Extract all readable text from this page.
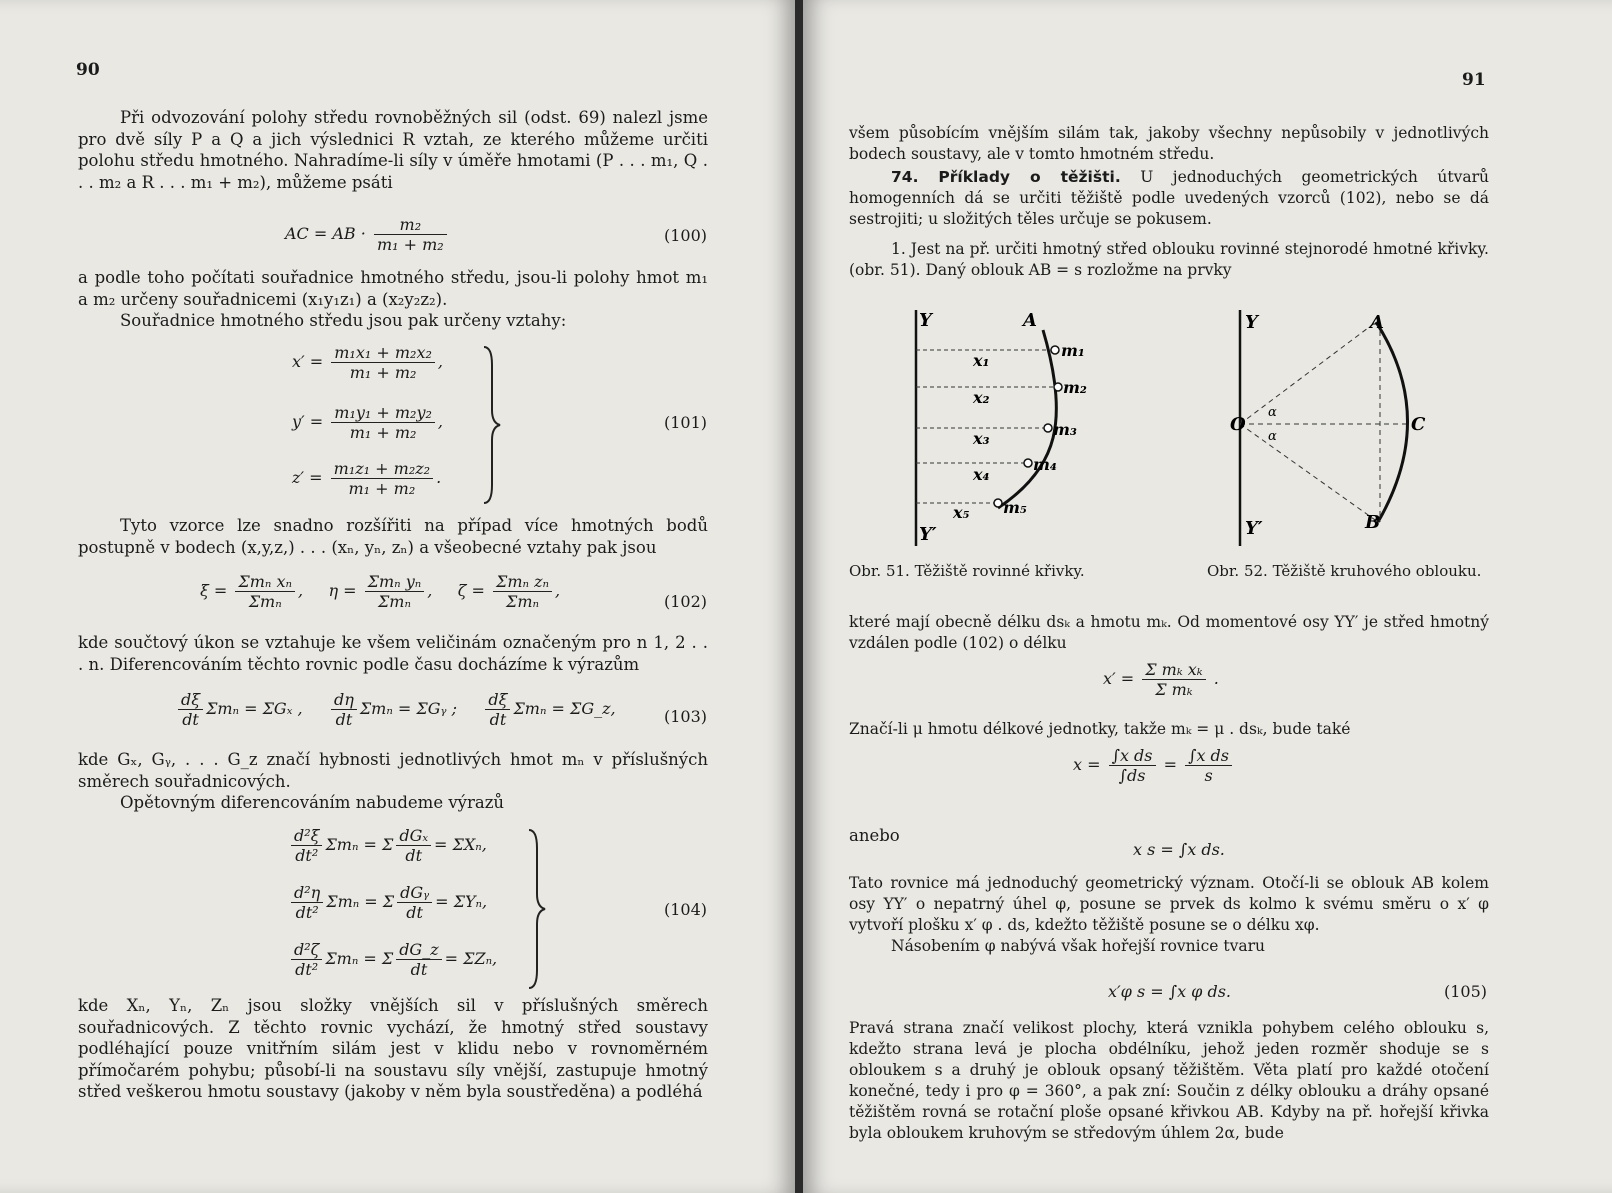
90

Při odvozování polohy středu rovnoběžných sil (odst. 69) nalezl jsme pro dvě síly P a Q a jich výslednici R vztah, ze kterého můžeme určiti polohu středu hmotného. Nahradíme-li síly v úměře hmotami (P . . . m₁, Q . . . m₂ a R . . . m₁ + m₂), můžeme psáti

AC = AB · $\frac{\text{m₂}}{\text{m₁ + m₂}}$	(100)

a podle toho počítati souřadnice hmotného středu, jsou-li polohy hmot m₁ a m₂ určeny souřadnicemi (x₁y₁z₁) a (x₂y₂z₂).

Souřadnice hmotného středu jsou pak určeny vztahy:

$x' = \frac{\text{m₁x₁ + m₂x₂}}{\text{m₁ + m₂}}$ ,
$y' = \frac{\text{m₁y₁ + m₂y₂}}{\text{m₁ + m₂}}$ ,
$z' = \frac{\text{m₁z₁ + m₂z₂}}{\text{m₁ + m₂}}$ .
(101)

Tyto vzorce lze snadno rozšířiti na případ více hmotných bodů postupně v bodech (x,y,z,) . . . (xₙ, yₙ, zₙ) a všeobecné vztahy pak jsou

$\xi = \frac{\text{Σmₙ xₙ}}{\text{Σmₙ}}$ , $\eta = \frac{\text{Σmₙ yₙ}}{\text{Σmₙ}}$ , $\zeta = \frac{\text{Σmₙ zₙ}}{\text{Σmₙ}}$ ,
(102)

kde součtový úkon se vztahuje ke všem veličinám označeným pro n 1, 2 . . . n. Diferencováním těchto rovnic podle času docházíme k výrazům

$\frac{d\xi}{dt}$ Σmₙ = ΣGₓ , $\frac{d\eta}{dt}$ Σmₙ = ΣGᵧ ; $\frac{d\xi}{dt}$ Σmₙ = ΣG_z,	(103)

kde Gₓ, Gᵧ, . . . G_z značí hybnosti jednotlivých hmot mₙ v příslušných směrech souřadnicových.

Opětovným diferencováním nabudeme výrazů

$\frac{\text{d²ξ}}{\text{dt²}}$ Σmₙ = Σ $\frac{\text{dGₓ}}{dt} = \Sigma X_n$,
$\frac{\text{d²η}}{\text{dt²}}$ Σmₙ = Σ $\frac{\text{dGᵧ}}{dt} = \Sigma Y_n$,
$\frac{\text{d²ζ}}{\text{dt²}}$ Σmₙ = Σ $\frac{dG\_z}{dt} = \Sigma Z_n$,
(104)

kde Xₙ, Yₙ, Zₙ jsou složky vnějších sil v příslušných směrech souřadnicových. Z těchto rovnic vychází, že hmotný střed soustavy podléhající pouze vnitřním silám jest v klidu nebo v rovnoměrném přímočarém pohybu; působí-li na soustavu síly vnější, zastupuje hmotný střed veškerou hmotu soustavy (jakoby v něm byla soustředěna) a podléhá

91

všem působícím vnějším silám tak, jakoby všechny nepůsobily v jednotlivých bodech soustavy, ale v tomto hmotném středu.

74. Příklady o těžišti. U jednoduchých geometrických útvarů homogenních dá se určiti těžiště podle uvedených vzorců (102), nebo se dá sestrojiti; u složitých těles určuje se pokusem.

1. Jest na př. určiti hmotný střed oblouku rovinné stejnorodé hmotné křivky. (obr. 51). Daný oblouk AB = s rozložme na prvky

Y
Y′
A
m₁
m₂
m₃
m₄
m₅
x₁
x₂
x₃
x₄
x₅
Obr. 51. Těžiště rovinné křivky.
Y
Y′
O
A
C
B
α
α
Obr. 52. Těžiště kruhového oblouku.

které mají obecně délku dsₖ a hmotu mₖ. Od momentové osy YY′ je střed hmotný vzdálen podle (102) o délku

$x' = \frac{\text{Σ mₖ xₖ}}{\text{Σ mₖ}}$ .

Značí-li μ hmotu délkové jednotky, takže mₖ = μ . dsₖ, bude také

$x = \frac{\text{∫x ds}}{\int ds} = \frac{\text{∫x ds}}{s}$
anebo
x s = ∫x ds.

Tato rovnice má jednoduchý geometrický význam. Otočí-li se oblouk AB kolem osy YY′ o nepatrný úhel φ, posune se prvek ds kolmo k svému směru o x′ φ vytvoří plošku x′ φ . ds, kdežto těžiště posune se o délku xφ.

Násobením φ nabývá však hořejší rovnice tvaru

x′φ s = ∫x φ ds.	(105)

Pravá strana značí velikost plochy, která vznikla pohybem celého oblouku s, kdežto strana levá je plocha obdélníku, jehož jeden rozměr shoduje se s obloukem s a druhý je oblouk opsaný těžištěm. Věta platí pro každé otočení konečné, tedy i pro φ = 360°, a pak zní: Součin z délky oblouku a dráhy opsané těžištěm rovná se rotační ploše opsané křivkou AB. Kdyby na př. hořejší křivka byla obloukem kruhovým se středovým úhlem 2α, bude
